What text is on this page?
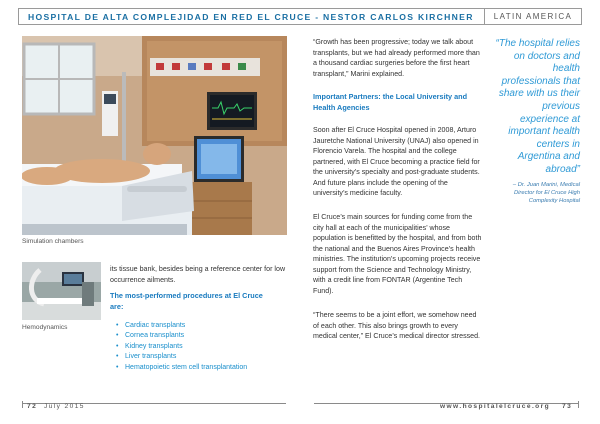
HOSPITAL DE ALTA COMPLEJIDAD EN RED EL CRUCE - NESTOR CARLOS KIRCHNER	LATIN AMERICA
Simulation chambers
Hemodynamics
its tissue bank, besides being a reference center for low occurrence ailments.
The most-performed procedures at El Cruce are:
• Cardiac transplants
• Cornea transplants
• Kidney transplants
• Liver transplants
• Hematopoietic stem cell transplantation
“Growth has been progressive; today we talk about transplants, but we had already performed more than a thousand cardiac surgeries before the first heart transplant,” Marini explained.
Important Partners: the Local University and Health Agencies
Soon after El Cruce Hospital opened in 2008, Arturo Jauretche National University (UNAJ) also opened in Florencio Varela. The hospital and the college partnered, with El Cruce becoming a practice field for the university’s specialty and post-graduate students. And future plans include the opening of the university’s medicine faculty.
El Cruce’s main sources for funding come from the city hall at each of the municipalities’ whose population is benefitted by the hospital, and from both the national and the Buenos Aires Province’s health ministries. The institution’s upcoming projects receive support from the Science and Technology Ministry, with a credit line from FONTAR (Argentine Tech Fund).
“There seems to be a joint effort, we somehow need of each other. This also brings growth to every medical center,” El Cruce’s medical director stressed.
“The hospital relies on doctors and health professionals that share with us their previous experience at important health centers in Argentina and abroad”
– Dr. Juan Marini, Medical Director for El Cruce High Complexity Hospital
72 July 2015	www.hospitalelcruce.org 73
